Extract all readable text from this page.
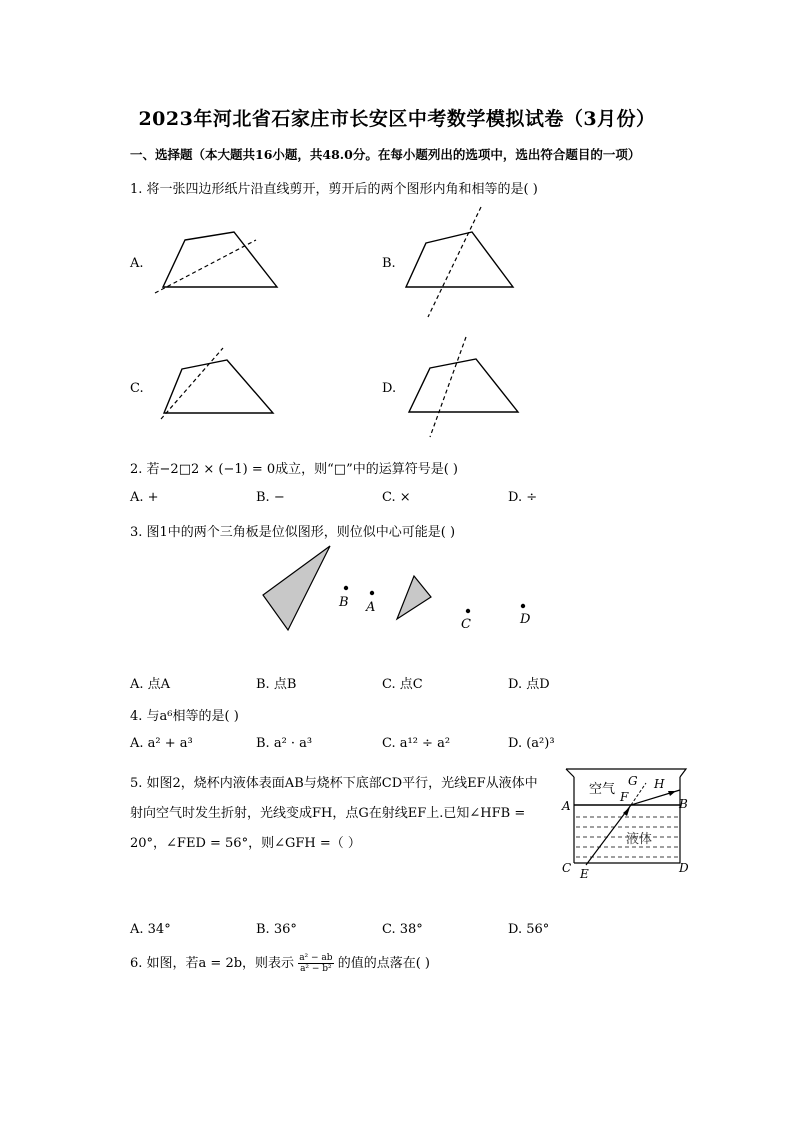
2023年河北省石家庄市长安区中考数学模拟试卷（3月份）
一、选择题（本大题共16小题，共48.0分。在每小题列出的选项中，选出符合题目的一项）
1. 将一张四边形纸片沿直线剪开，剪开后的两个图形内角和相等的是( )
A.	B.
C.	D.
2. 若−2□2 × (−1) = 0成立，则“□”中的运算符号是( )
A. +	B. −	C. ×	D. ÷
3. 图1中的两个三角板是位似图形，则位似中心可能是( )
B A
C	D
A. 点A	B. 点B	C. 点C	D. 点D
4. 与a⁶相等的是( )
A. a² + a³	B. a² · a³	C. a¹² ÷ a²	D. (a²)³
5. 如图2，烧杯内液体表面AB与烧杯下底部CD平行，光线EF从液体中射向空气时发生折射，光线变成FH，点G在射线EF上.已知∠HFB = 20°，∠FED = 56°，则∠GFH =（ ）
空气
液体
A	B
C	D
E
F
G H
A. 34°	B. 36°	C. 38°	D. 56°
6. 如图，若a = 2b，则表示 $\frac{\text{a² − ab}}{\text{a² − b²}}$ 的值的点落在( )
